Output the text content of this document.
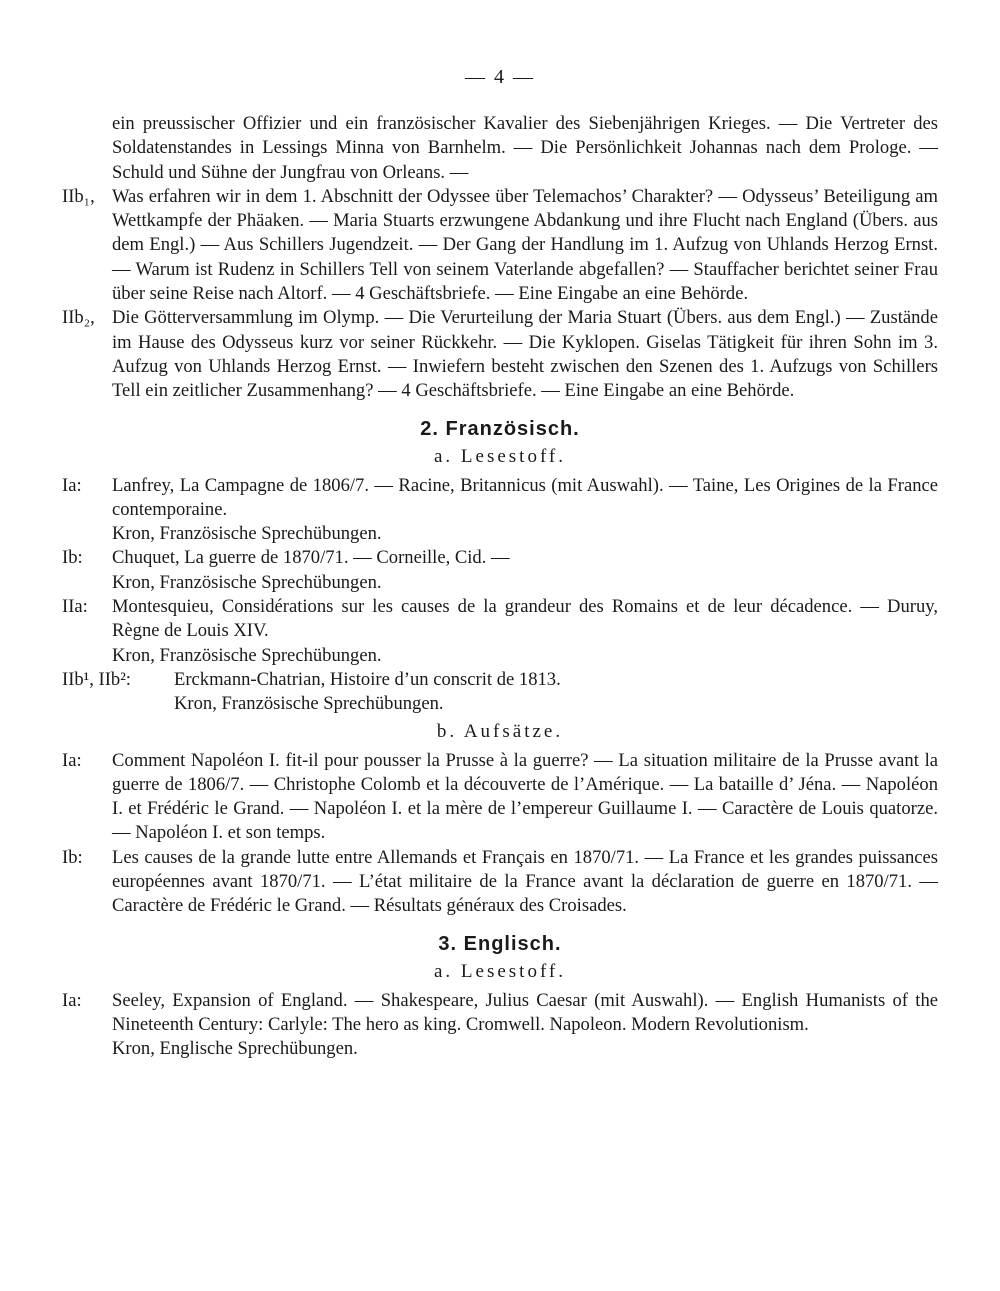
— 4 —
ein preussischer Offizier und ein französischer Kavalier des Siebenjährigen Krieges. — Die Vertreter des Soldatenstandes in Lessings Minna von Barnhelm. — Die Persönlichkeit Johannas nach dem Prologe. — Schuld und Sühne der Jungfrau von Orleans. —
IIb₁, Was erfahren wir in dem 1. Abschnitt der Odyssee über Telemachos’ Charakter? — Odysseus’ Beteiligung am Wettkampfe der Phäaken. — Maria Stuarts erzwungene Abdankung und ihre Flucht nach England (Übers. aus dem Engl.) — Aus Schillers Jugendzeit. — Der Gang der Handlung im 1. Aufzug von Uhlands Herzog Ernst. — Warum ist Rudenz in Schillers Tell von seinem Vaterlande abgefallen? — Stauffacher berichtet seiner Frau über seine Reise nach Altorf. — 4 Geschäftsbriefe. — Eine Eingabe an eine Behörde.
IIb₂, Die Götterversammlung im Olymp. — Die Verurteilung der Maria Stuart (Übers. aus dem Engl.) — Zustände im Hause des Odysseus kurz vor seiner Rückkehr. — Die Kyklopen. Giselas Tätigkeit für ihren Sohn im 3. Aufzug von Uhlands Herzog Ernst. — Inwiefern besteht zwischen den Szenen des 1. Aufzugs von Schillers Tell ein zeitlicher Zusammenhang? — 4 Geschäftsbriefe. — Eine Eingabe an eine Behörde.
2. Französisch.
a. Lesestoff.
Ia:	Lanfrey, La Campagne de 1806/7. — Racine, Britannicus (mit Auswahl). — Taine, Les Origines de la France contemporaine.
Kron, Französische Sprechübungen.
Ib:	Chuquet, La guerre de 1870/71. — Corneille, Cid. —
Kron, Französische Sprechübungen.
IIa:	Montesquieu, Considérations sur les causes de la grandeur des Romains et de leur décadence. — Duruy, Règne de Louis XIV.
Kron, Französische Sprechübungen.
IIb¹, IIb²:	Erckmann-Chatrian, Histoire d’un conscrit de 1813.
Kron, Französische Sprechübungen.
b. Aufsätze.
Ia:	Comment Napoléon I. fit-il pour pousser la Prusse à la guerre? — La situation militaire de la Prusse avant la guerre de 1806/7. — Christophe Colomb et la découverte de l’Amérique. — La bataille d’ Jéna. — Napoléon I. et Frédéric le Grand. — Napoléon I. et la mère de l’empereur Guillaume I. — Caractère de Louis quatorze. — Napoléon I. et son temps.
Ib:	Les causes de la grande lutte entre Allemands et Français en 1870/71. — La France et les grandes puissances européennes avant 1870/71. — L’état militaire de la France avant la déclaration de guerre en 1870/71. — Caractère de Frédéric le Grand. — Résultats généraux des Croisades.
3. Englisch.
a. Lesestoff.
Ia:	Seeley, Expansion of England. — Shakespeare, Julius Caesar (mit Auswahl). — English Humanists of the Nineteenth Century: Carlyle: The hero as king. Cromwell. Napoleon. Modern Revolutionism.
Kron, Englische Sprechübungen.
